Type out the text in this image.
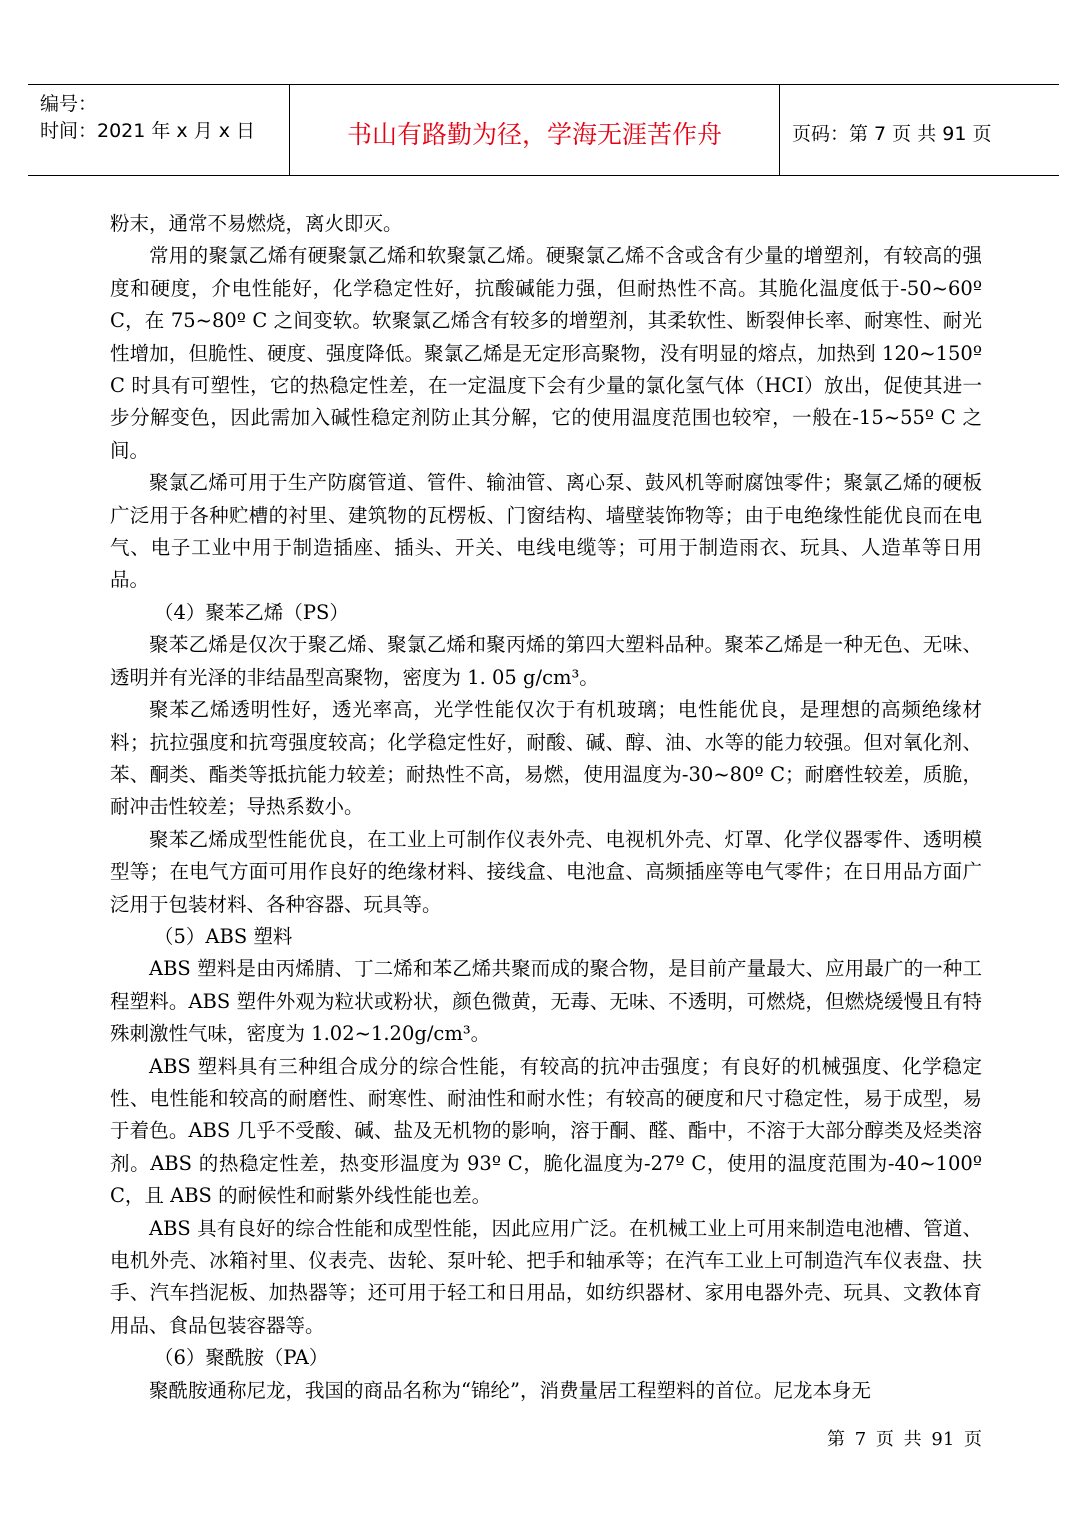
编号：
时间：2021 年 x 月 x 日	书山有路勤为径，学海无涯苦作舟	页码：第 7 页 共 91 页

粉末，通常不易燃烧，离火即灭。

常用的聚氯乙烯有硬聚氯乙烯和软聚氯乙烯。硬聚氯乙烯不含或含有少量的增塑剂，有较高的强度和硬度，介电性能好，化学稳定性好，抗酸碱能力强，但耐热性不高。其脆化温度低于-50~60º C，在 75~80º C 之间变软。软聚氯乙烯含有较多的增塑剂，其柔软性、断裂伸长率、耐寒性、耐光性增加，但脆性、硬度、强度降低。聚氯乙烯是无定形高聚物，没有明显的熔点，加热到 120~150º C 时具有可塑性，它的热稳定性差，在一定温度下会有少量的氯化氢气体（HCI）放出，促使其进一步分解变色，因此需加入碱性稳定剂防止其分解，它的使用温度范围也较窄，一般在-15~55º C 之间。

聚氯乙烯可用于生产防腐管道、管件、输油管、离心泵、鼓风机等耐腐蚀零件；聚氯乙烯的硬板广泛用于各种贮槽的衬里、建筑物的瓦楞板、门窗结构、墙壁装饰物等；由于电绝缘性能优良而在电气、电子工业中用于制造插座、插头、开关、电线电缆等；可用于制造雨衣、玩具、人造革等日用品。

（4）聚苯乙烯（PS）

聚苯乙烯是仅次于聚乙烯、聚氯乙烯和聚丙烯的第四大塑料品种。聚苯乙烯是一种无色、无味、透明并有光泽的非结晶型高聚物，密度为 1. 05 g/cm³。

聚苯乙烯透明性好，透光率高，光学性能仅次于有机玻璃；电性能优良，是理想的高频绝缘材料；抗拉强度和抗弯强度较高；化学稳定性好，耐酸、碱、醇、油、水等的能力较强。但对氧化剂、苯、酮类、酯类等抵抗能力较差；耐热性不高，易燃，使用温度为-30~80º C；耐磨性较差，质脆，耐冲击性较差；导热系数小。

聚苯乙烯成型性能优良，在工业上可制作仪表外壳、电视机外壳、灯罩、化学仪器零件、透明模型等；在电气方面可用作良好的绝缘材料、接线盒、电池盒、高频插座等电气零件；在日用品方面广泛用于包装材料、各种容器、玩具等。

（5）ABS 塑料

ABS 塑料是由丙烯腈、丁二烯和苯乙烯共聚而成的聚合物，是目前产量最大、应用最广的一种工程塑料。ABS 塑件外观为粒状或粉状，颜色微黄，无毒、无味、不透明，可燃烧，但燃烧缓慢且有特殊刺激性气味，密度为 1.02~1.20g/cm³。

ABS 塑料具有三种组合成分的综合性能，有较高的抗冲击强度；有良好的机械强度、化学稳定性、电性能和较高的耐磨性、耐寒性、耐油性和耐水性；有较高的硬度和尺寸稳定性，易于成型，易于着色。ABS 几乎不受酸、碱、盐及无机物的影响，溶于酮、醛、酯中，不溶于大部分醇类及烃类溶剂。ABS 的热稳定性差，热变形温度为 93º C，脆化温度为-27º C，使用的温度范围为-40~100º C，且 ABS 的耐候性和耐紫外线性能也差。

ABS 具有良好的综合性能和成型性能，因此应用广泛。在机械工业上可用来制造电池槽、管道、电机外壳、冰箱衬里、仪表壳、齿轮、泵叶轮、把手和轴承等；在汽车工业上可制造汽车仪表盘、扶手、汽车挡泥板、加热器等；还可用于轻工和日用品，如纺织器材、家用电器外壳、玩具、文教体育用品、食品包装容器等。

（6）聚酰胺（PA）

聚酰胺通称尼龙，我国的商品名称为“锦纶”，消费量居工程塑料的首位。尼龙本身无

第 7 页 共 91 页
